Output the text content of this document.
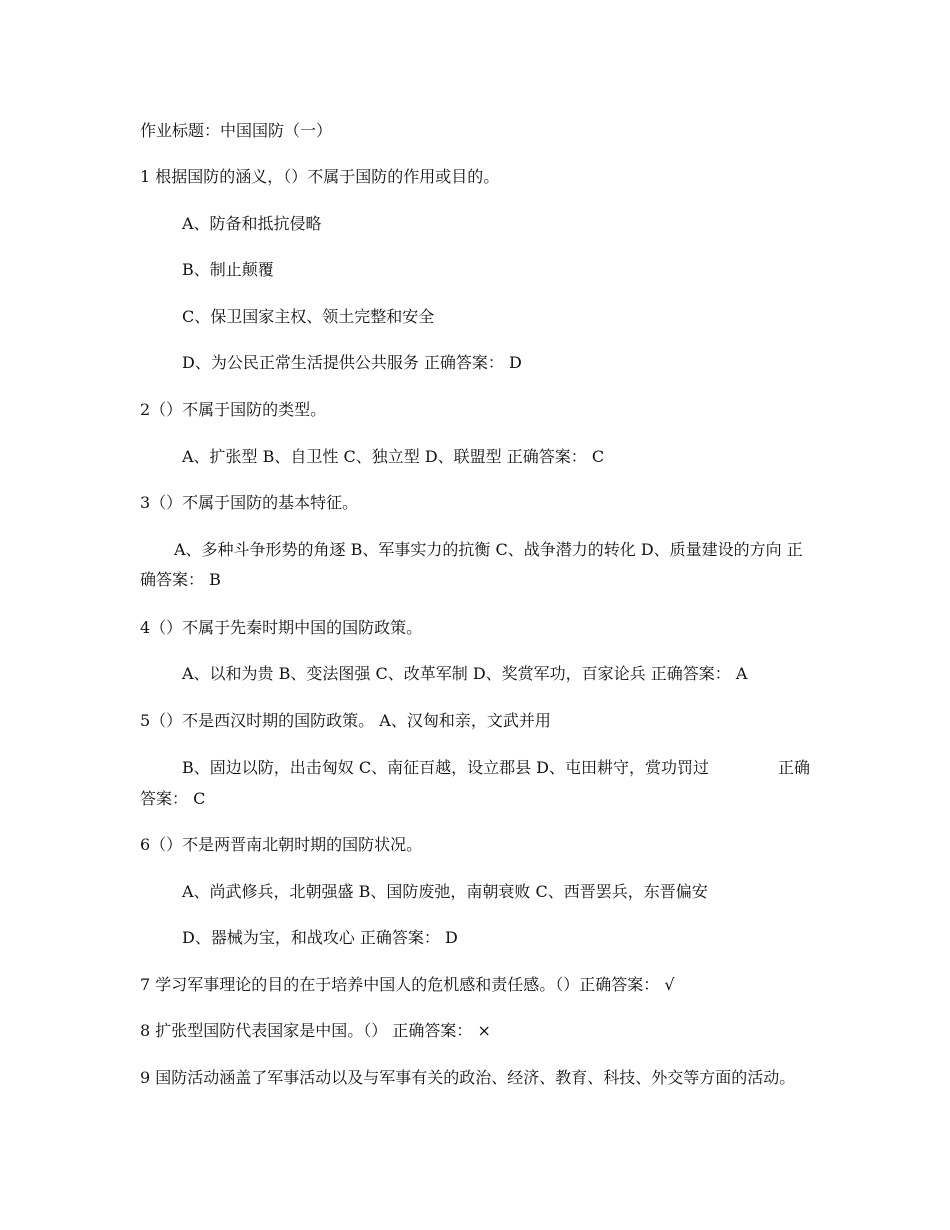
作业标题：中国国防（一）
1 根据国防的涵义，（）不属于国防的作用或目的。
A、防备和抵抗侵略
B、制止颠覆
C、保卫国家主权、领土完整和安全
D、为公民正常生活提供公共服务 正确答案： D
2（）不属于国防的类型。
A、扩张型 B、自卫性 C、独立型 D、联盟型 正确答案： C
3（）不属于国防的基本特征。
A、多种斗争形势的角逐 B、军事实力的抗衡 C、战争潜力的转化 D、质量建设的方向 正确答案： B
4（）不属于先秦时期中国的国防政策。
A、以和为贵 B、变法图强 C、改革军制 D、奖赏军功，百家论兵 正确答案： A
5（）不是西汉时期的国防政策。 A、汉匈和亲，文武并用
B、固边以防，出击匈奴 C、南征百越，设立郡县 D、屯田耕守，赏功罚过	正确
答案： C
6（）不是两晋南北朝时期的国防状况。
A、尚武修兵，北朝强盛 B、国防废弛，南朝衰败 C、西晋罢兵，东晋偏安
D、器械为宝，和战攻心 正确答案： D
7 学习军事理论的目的在于培养中国人的危机感和责任感。（）正确答案： √
8 扩张型国防代表国家是中国。（） 正确答案： ×
9 国防活动涵盖了军事活动以及与军事有关的政治、经济、教育、科技、外交等方面的活动。
